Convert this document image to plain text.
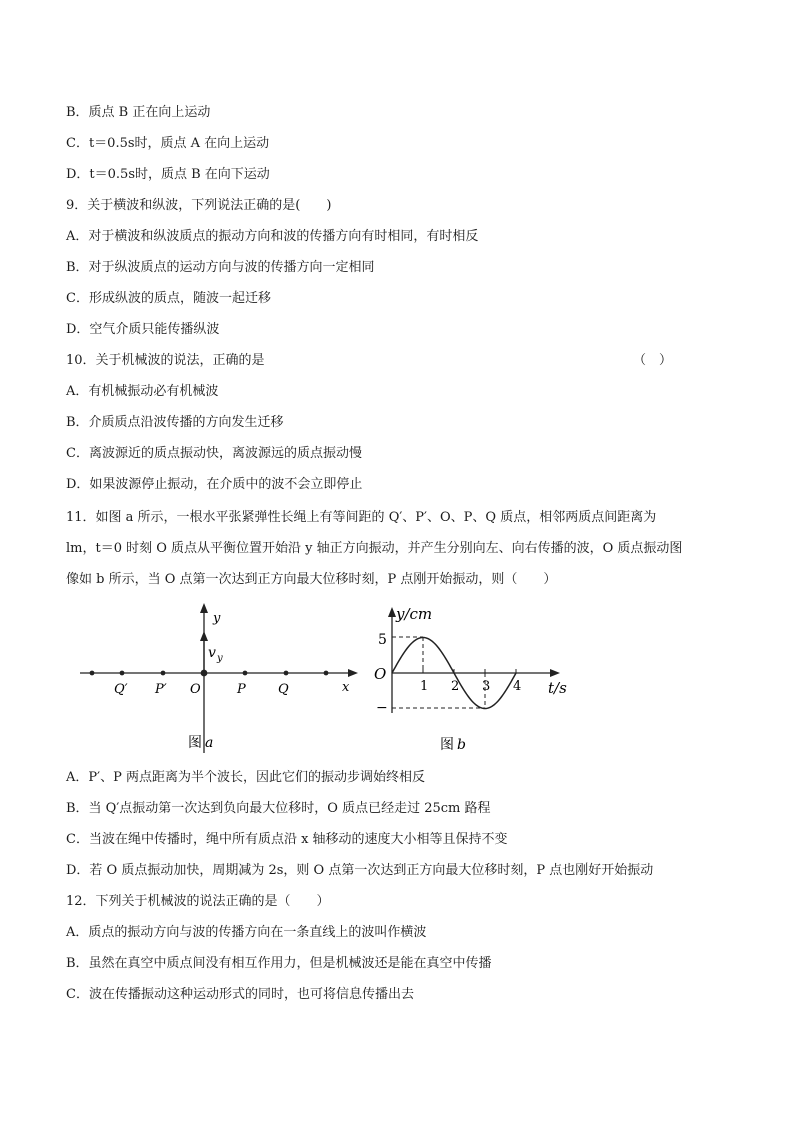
B．质点 B 正在向上运动
C．t＝0.5s时，质点 A 在向上运动
D．t＝0.5s时，质点 B 在向下运动
9．关于横波和纵波，下列说法正确的是(　　)
A．对于横波和纵波质点的振动方向和波的传播方向有时相同，有时相反
B．对于纵波质点的运动方向与波的传播方向一定相同
C．形成纵波的质点，随波一起迁移
D．空气介质只能传播纵波
10．关于机械波的说法，正确的是	（　）
A．有机械振动必有机械波
B．介质质点沿波传播的方向发生迁移
C．离波源近的质点振动快，离波源远的质点振动慢
D．如果波源停止振动，在介质中的波不会立即停止
11．如图 a 所示，一根水平张紧弹性长绳上有等间距的 Q′、P′、O、P、Q 质点，相邻两质点间距离为
lm，t＝0 时刻 O 质点从平衡位置开始沿 y 轴正方向振动，并产生分别向左、向右传播的波，O 质点振动图
像如 b 所示，当 O 点第一次达到正方向最大位移时刻，P 点刚开始振动，则（　　）
y
x
v y
Q′ P′ O	P Q
图 a
y/cm
t/s
O
5
−
1 2 3 4
图 b
A．P′、P 两点距离为半个波长，因此它们的振动步调始终相反
B．当 Q′点振动第一次达到负向最大位移时，O 质点已经走过 25cm 路程
C．当波在绳中传播时，绳中所有质点沿 x 轴移动的速度大小相等且保持不变
D．若 O 质点振动加快，周期减为 2s，则 O 点第一次达到正方向最大位移时刻，P 点也刚好开始振动
12．下列关于机械波的说法正确的是（　　）
A．质点的振动方向与波的传播方向在一条直线上的波叫作横波
B．虽然在真空中质点间没有相互作用力，但是机械波还是能在真空中传播
C．波在传播振动这种运动形式的同时，也可将信息传播出去
